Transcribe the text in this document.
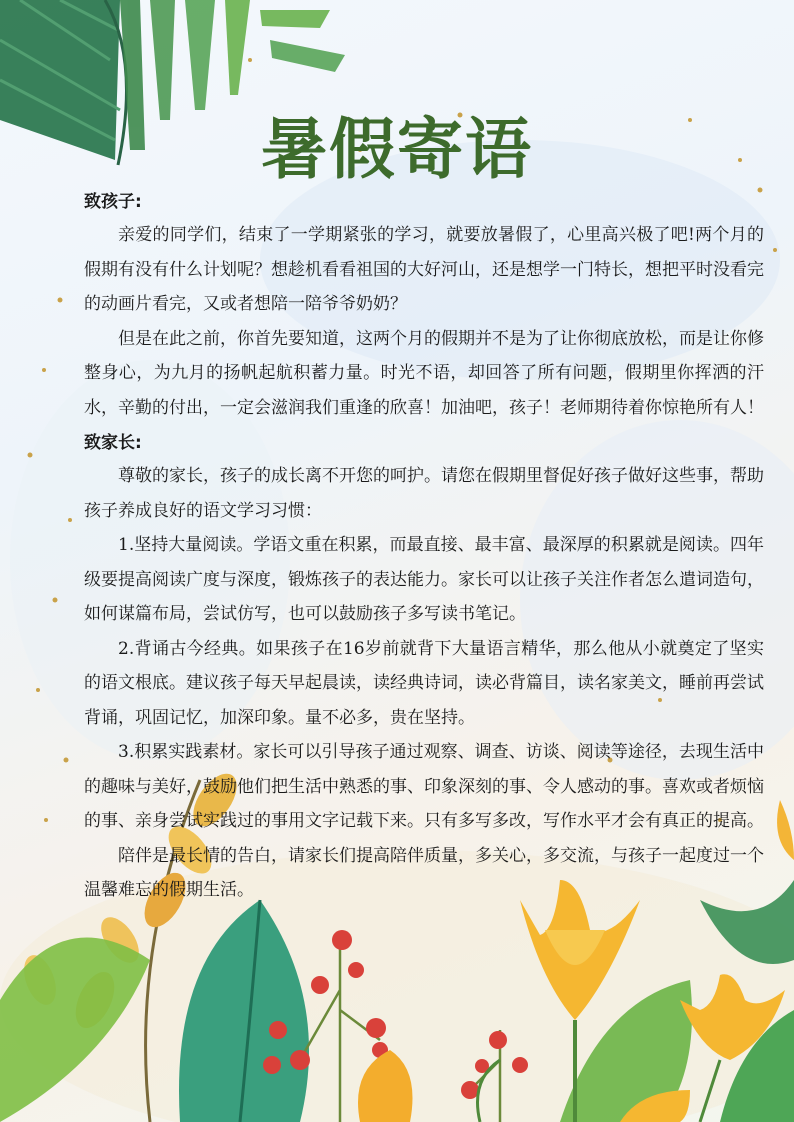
暑假寄语
致孩子:

亲爱的同学们，结束了一学期紧张的学习，就要放暑假了，心里高兴极了吧!两个月的假期有没有什么计划呢？想趁机看看祖国的大好河山，还是想学一门特长，想把平时没看完的动画片看完，又或者想陪一陪爷爷奶奶？

但是在此之前，你首先要知道，这两个月的假期并不是为了让你彻底放松，而是让你修整身心，为九月的扬帆起航积蓄力量。时光不语，却回答了所有问题，假期里你挥洒的汗水，辛勤的付出，一定会滋润我们重逢的欣喜！加油吧，孩子！老师期待着你惊艳所有人！

致家长:

尊敬的家长，孩子的成长离不开您的呵护。请您在假期里督促好孩子做好这些事，帮助孩子养成良好的语文学习习惯：

1.坚持大量阅读。学语文重在积累，而最直接、最丰富、最深厚的积累就是阅读。四年级要提高阅读广度与深度，锻炼孩子的表达能力。家长可以让孩子关注作者怎么遣词造句，如何谋篇布局，尝试仿写，也可以鼓励孩子多写读书笔记。

2.背诵古今经典。如果孩子在16岁前就背下大量语言精华，那么他从小就奠定了坚实的语文根底。建议孩子每天早起晨读，读经典诗词，读必背篇目，读名家美文，睡前再尝试背诵，巩固记忆，加深印象。量不必多，贵在坚持。

3.积累实践素材。家长可以引导孩子通过观察、调查、访谈、阅读等途径，去现生活中的趣味与美好，鼓励他们把生活中熟悉的事、印象深刻的事、令人感动的事。喜欢或者烦恼的事、亲身尝试实践过的事用文字记载下来。只有多写多改，写作水平才会有真正的提高。

陪伴是最长情的告白，请家长们提高陪伴质量，多关心，多交流，与孩子一起度过一个温馨难忘的假期生活。
